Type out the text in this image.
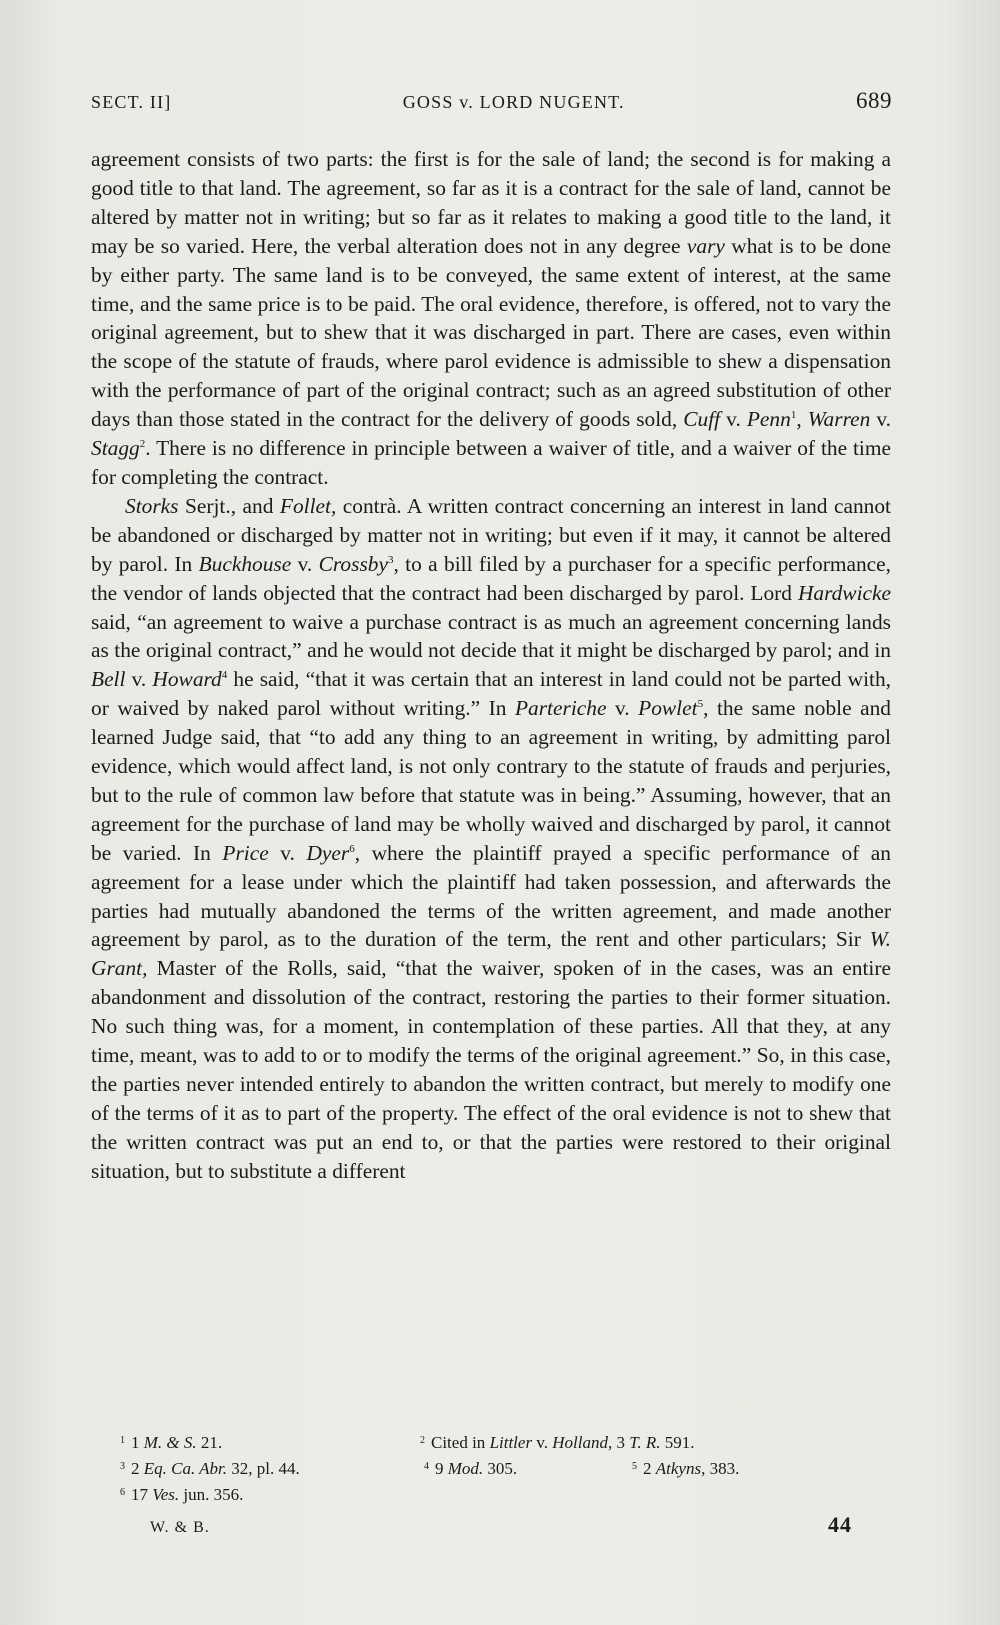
SECT. II]	GOSS v. LORD NUGENT.	689

agreement consists of two parts: the first is for the sale of land; the second is for making a good title to that land. The agreement, so far as it is a contract for the sale of land, cannot be altered by matter not in writing; but so far as it relates to making a good title to the land, it may be so varied. Here, the verbal alteration does not in any degree vary what is to be done by either party. The same land is to be conveyed, the same extent of interest, at the same time, and the same price is to be paid. The oral evidence, therefore, is offered, not to vary the original agreement, but to shew that it was discharged in part. There are cases, even within the scope of the statute of frauds, where parol evidence is admissible to shew a dispensation with the performance of part of the original contract; such as an agreed substitution of other days than those stated in the contract for the delivery of goods sold, Cuff v. Penn$^1$, Warren v. Stagg$^2$. There is no difference in principle between a waiver of title, and a waiver of the time for completing the contract.

Storks Serjt., and Follet, contrà. A written contract concerning an interest in land cannot be abandoned or discharged by matter not in writing; but even if it may, it cannot be altered by parol. In Buckhouse v. Crossby$^3$, to a bill filed by a purchaser for a specific performance, the vendor of lands objected that the contract had been discharged by parol. Lord Hardwicke said, “an agreement to waive a purchase contract is as much an agreement concerning lands as the original contract,” and he would not decide that it might be discharged by parol; and in Bell v. Howard$^4$ he said, “that it was certain that an interest in land could not be parted with, or waived by naked parol without writing.” In Parteriche v. Powlet$^5$, the same noble and learned Judge said, that “to add any thing to an agreement in writing, by admitting parol evidence, which would affect land, is not only contrary to the statute of frauds and perjuries, but to the rule of common law before that statute was in being.” Assuming, however, that an agreement for the purchase of land may be wholly waived and discharged by parol, it cannot be varied. In Price v. Dyer$^6$, where the plaintiff prayed a specific performance of an agreement for a lease under which the plaintiff had taken possession, and afterwards the parties had mutually abandoned the terms of the written agreement, and made another agreement by parol, as to the duration of the term, the rent and other particulars; Sir W. Grant, Master of the Rolls, said, “that the waiver, spoken of in the cases, was an entire abandonment and dissolution of the contract, restoring the parties to their former situation. No such thing was, for a moment, in contemplation of these parties. All that they, at any time, meant, was to add to or to modify the terms of the original agreement.” So, in this case, the parties never intended entirely to abandon the written contract, but merely to modify one of the terms of it as to part of the property. The effect of the oral evidence is not to shew that the written contract was put an end to, or that the parties were restored to their original situation, but to substitute a different

$^1$ 1 M. & S. 21.	$^2$ Cited in Littler v. Holland, 3 T. R. 591.
$^3$ 2 Eq. Ca. Abr. 32, pl. 44.	$^4$ 9 Mod. 305.	$^5$ 2 Atkyns, 383.
$^6$ 17 Ves. jun. 356.
W. & B.	44
